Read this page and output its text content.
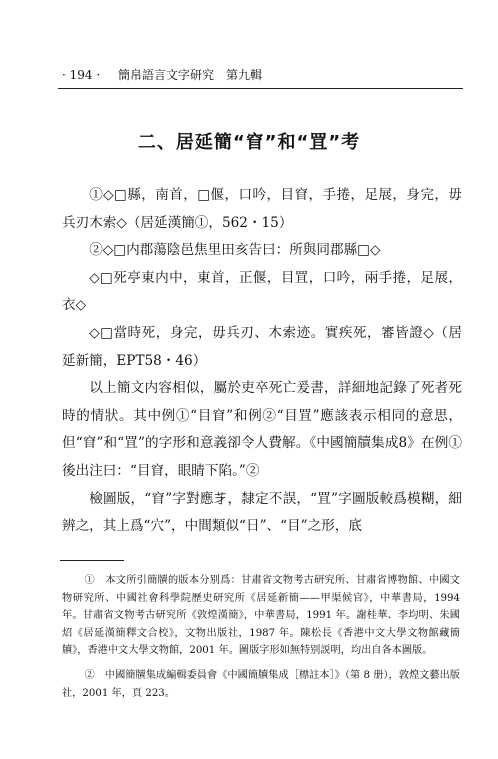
· 194 · 簡帛語言文字研究　第九輯
二、居延簡“窅”和“罝”考

①◇□縣，南首，□偃，口吟，目窅，手捲，足展，身完，毋兵刃木索◇（居延漢簡①，562・15）

②◇□内郡蕩陰邑焦里田亥告曰：所與同郡縣□◇

◇□死亭東内中，東首，正偃，目罝，口吟，兩手捲，足展，衣◇

◇□當時死，身完，毋兵刃、木索迹。實疾死，審皆證◇（居延新簡，EPT58・46）

以上簡文内容相似，屬於吏卒死亡爰書，詳細地記錄了死者死時的情狀。其中例①“目窅”和例②“目罝”應該表示相同的意思，但“窅”和“罝”的字形和意義卻令人費解。《中國簡牘集成8》在例①後出注曰：“目窅，眼睛下陷。”②

檢圖版，“窅”字對應𦬁，隸定不誤，“罝”字圖版較爲模糊，細辨之，其上爲“穴”，中間類似“日”、“目”之形，底

①　本文所引簡牘的版本分别爲：甘肅省文物考古研究所、甘肅省博物館、中國文物研究所、中國社會科學院歷史研究所《居延新簡——甲渠候官》，中華書局，1994 年。甘肅省文物考古研究所《敦煌漢簡》，中華書局，1991 年。謝桂華、李均明、朱國炤《居延漢簡釋文合校》，文物出版社，1987 年。陳松長《香港中文大學文物館藏簡牘》，香港中文大學文物館，2001 年。圖版字形如無特别説明，均出自各本圖版。

②　中國簡牘集成編輯委員會《中國簡牘集成［標註本］》（第 8 册），敦煌文藝出版社，2001 年，頁 223。
